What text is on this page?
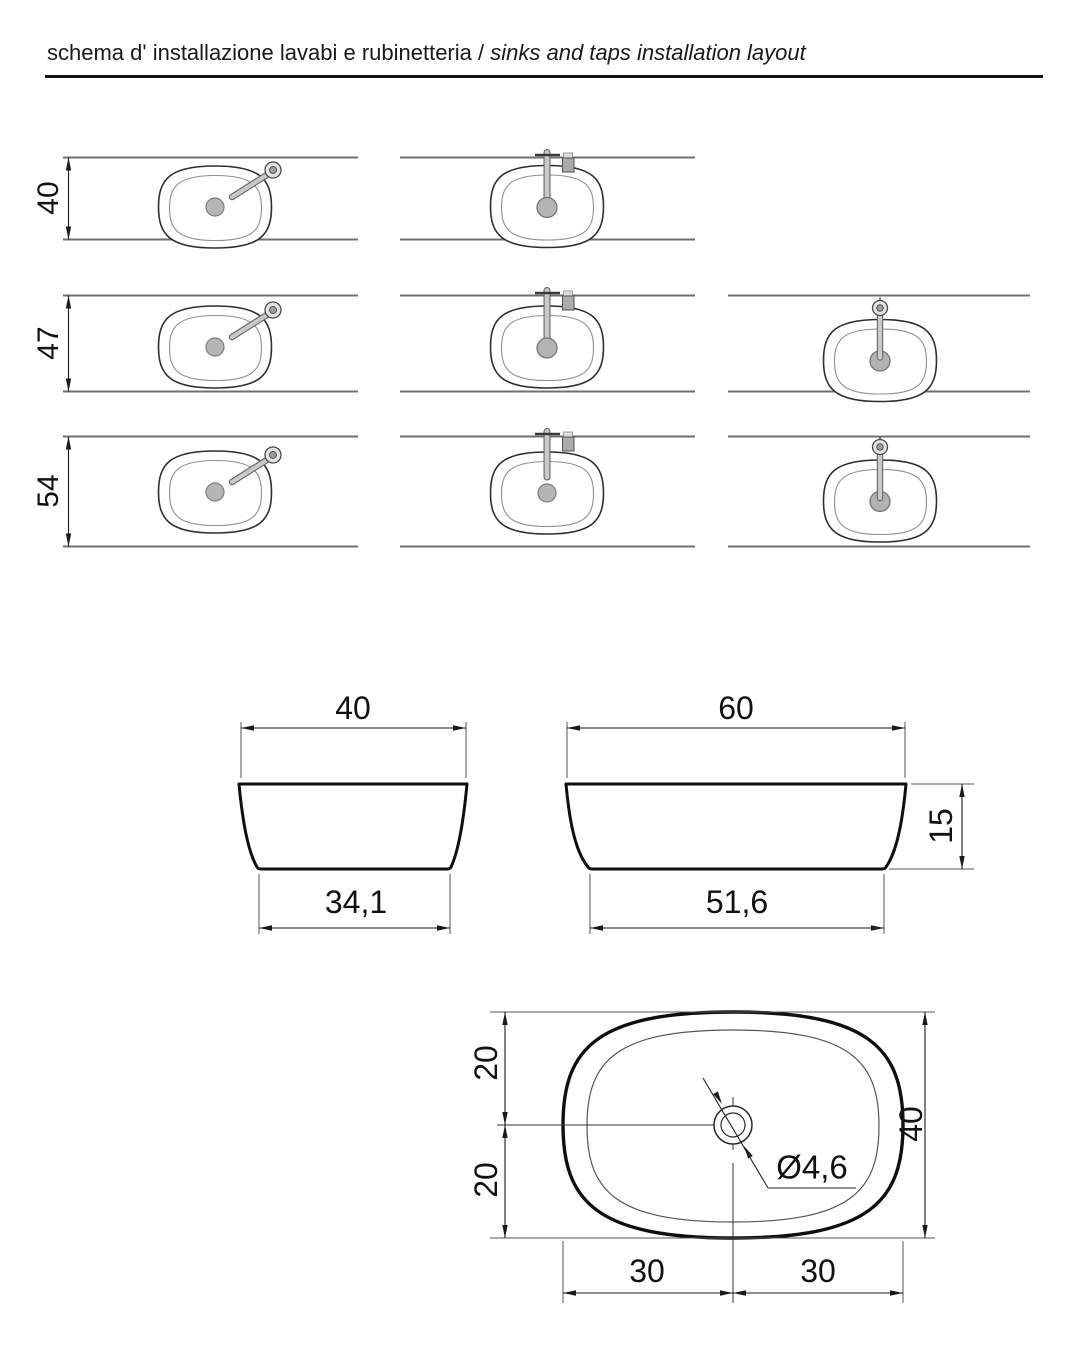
schema d' installazione lavabi e rubinetteria / sinks and taps installation layout
40
47
54
40
34,1
60
51,6
15
20
20
40
30	30
Ø4,6
